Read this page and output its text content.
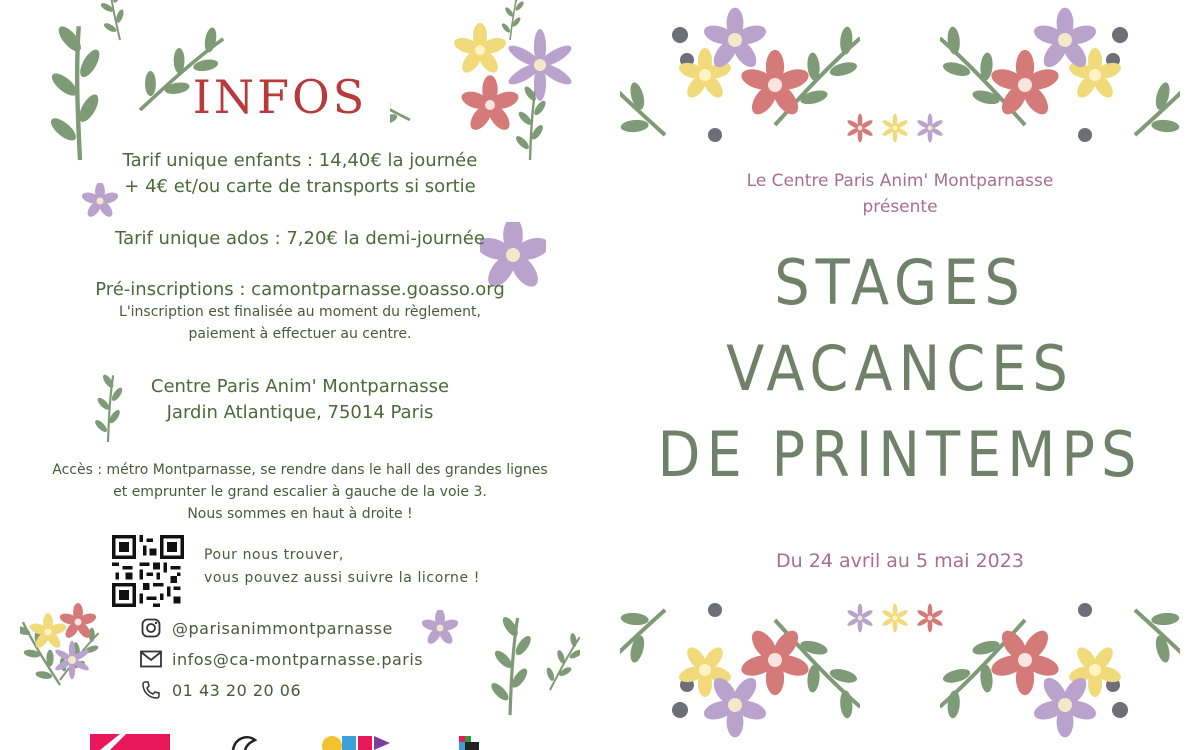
INFOS
Tarif unique enfants : 14,40€ la journée
+ 4€ et/ou carte de transports si sortie
Tarif unique ados : 7,20€ la demi-journée
Pré-inscriptions : camontparnasse.goasso.org
L'inscription est finalisée au moment du règlement,
paiement à effectuer au centre.
Centre Paris Anim' Montparnasse
Jardin Atlantique, 75014 Paris
Accès : métro Montparnasse, se rendre dans le hall des grandes lignes
et emprunter le grand escalier à gauche de la voie 3.
Nous sommes en haut à droite !
Pour nous trouver,
vous pouvez aussi suivre la licorne !
@parisanimmontparnasse
infos@ca-montparnasse.paris
01 43 20 20 06
Le Centre Paris Anim' Montparnasse
présente
STAGES
VACANCES
DE PRINTEMPS
Du 24 avril au 5 mai 2023
